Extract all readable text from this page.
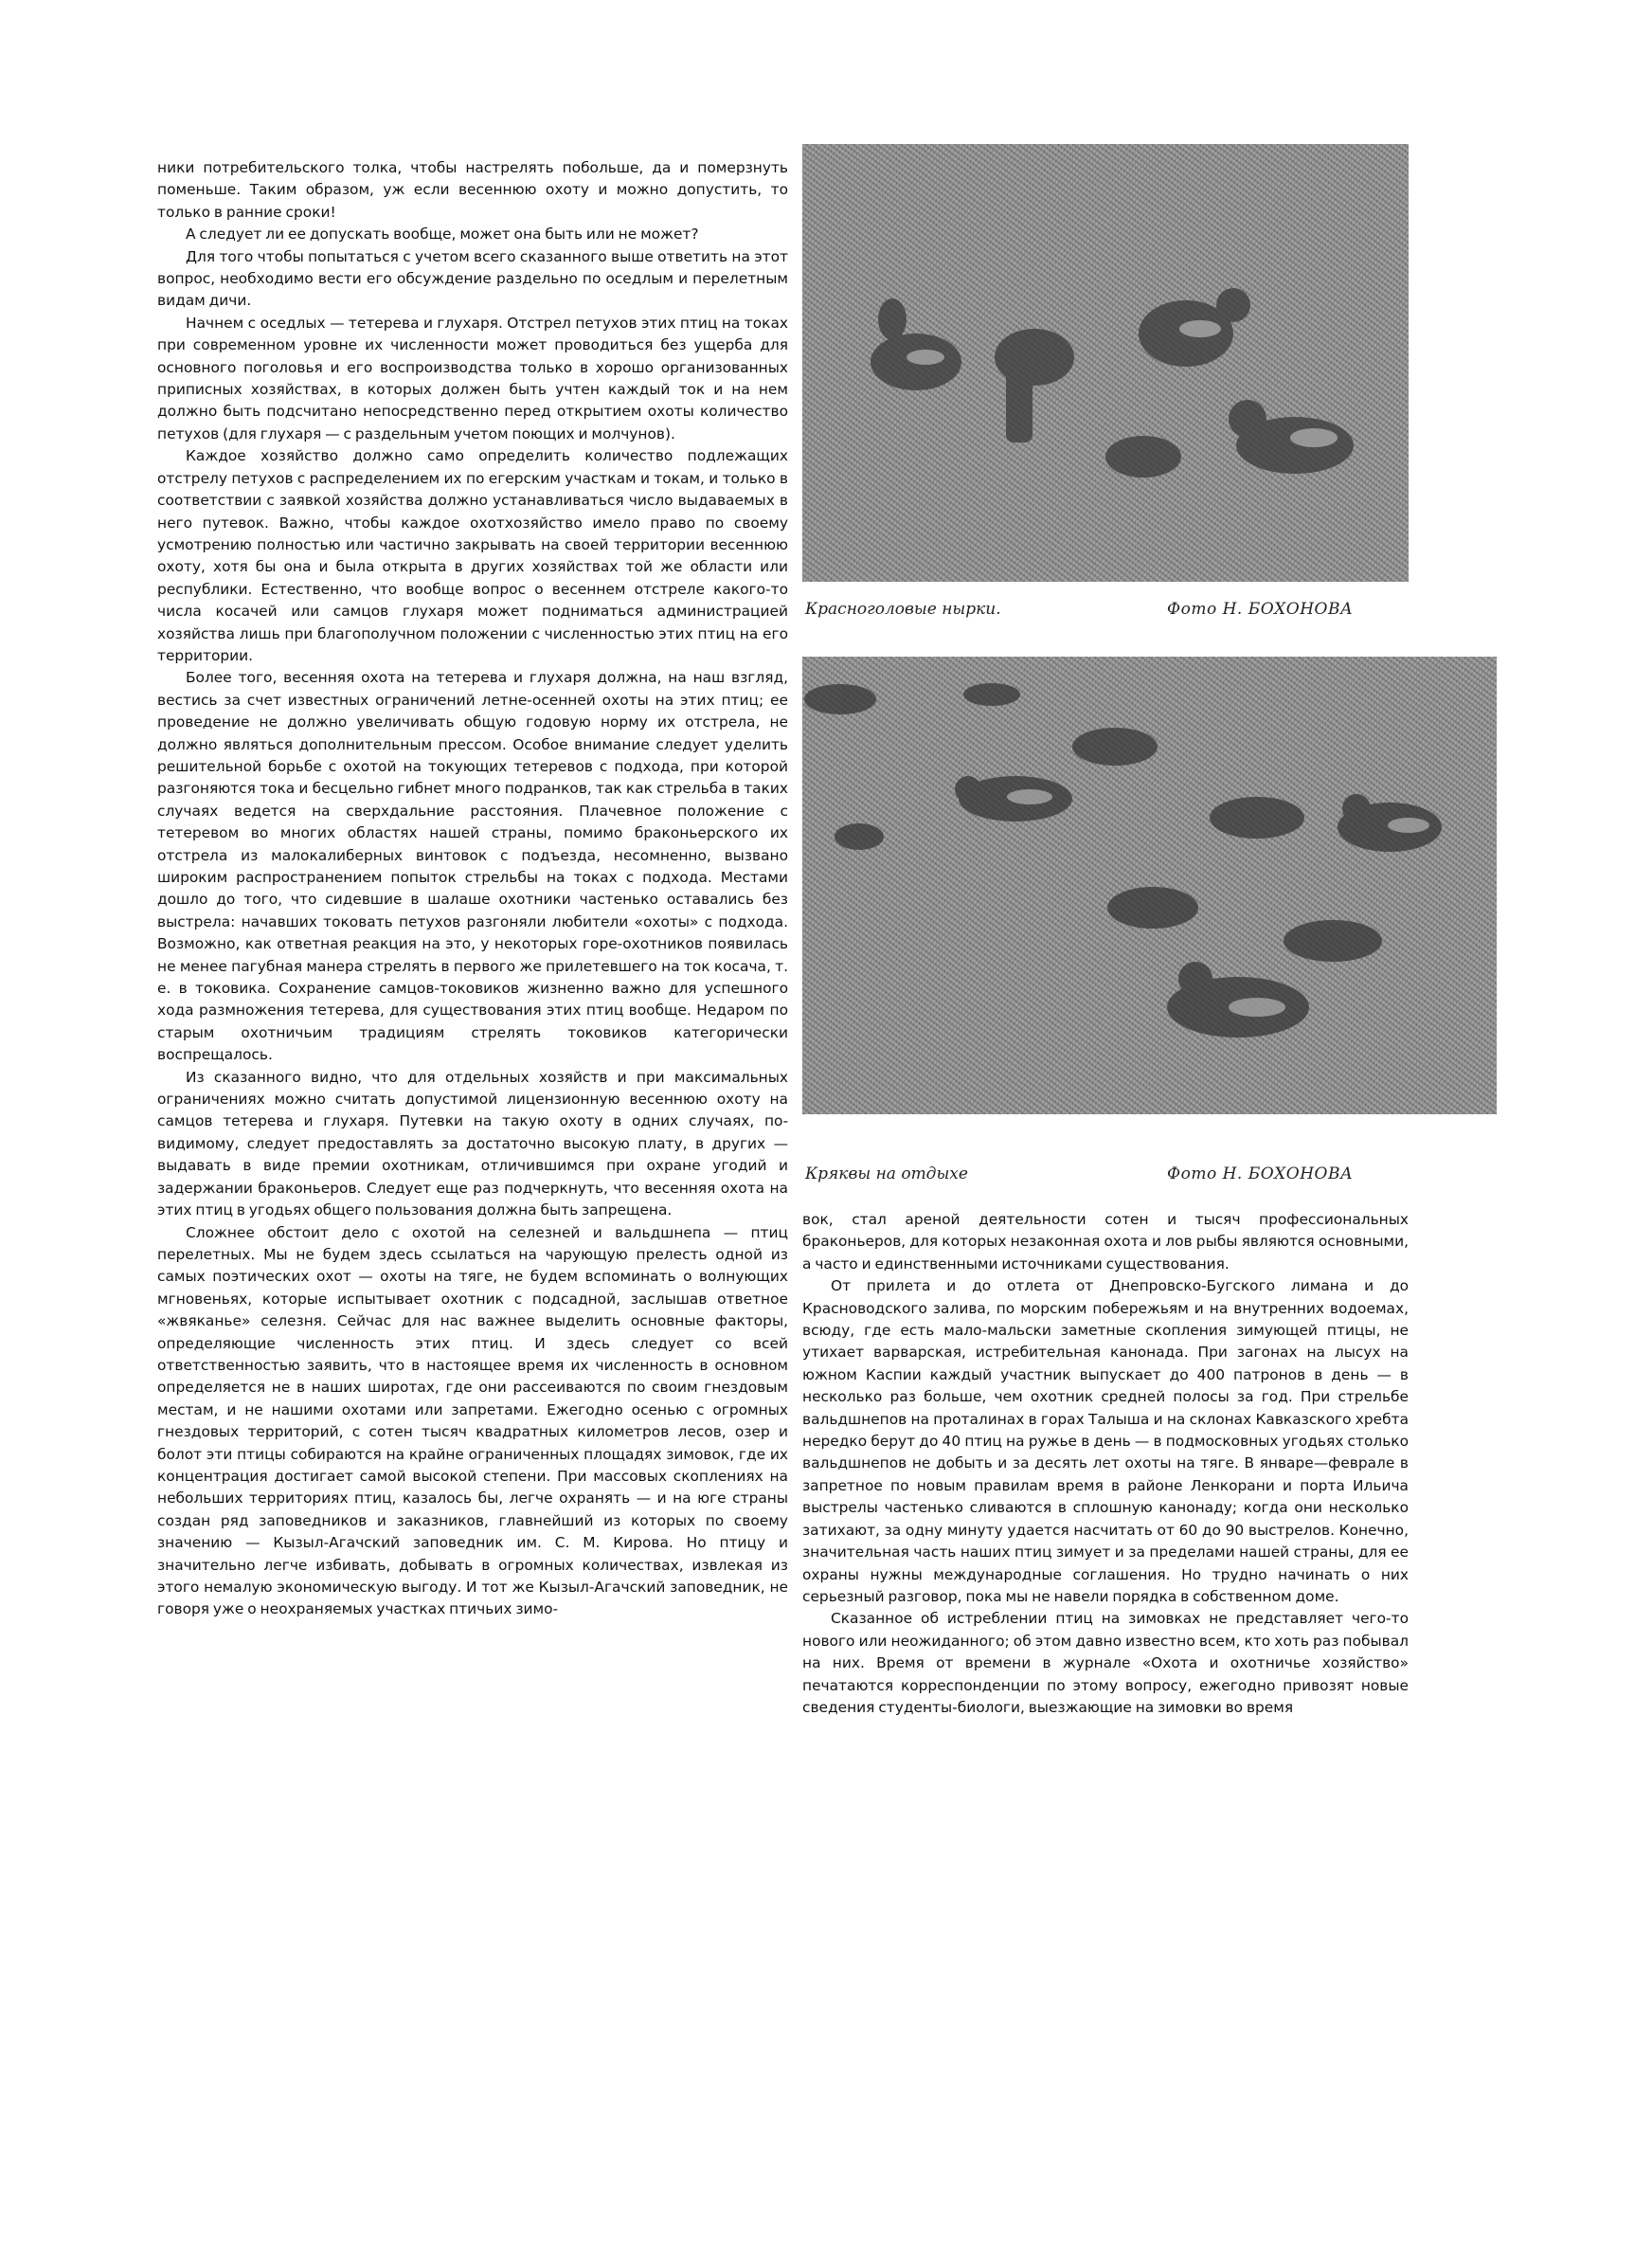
ники потребительского толка, чтобы настрелять побольше, да и померзнуть поменьше. Таким образом, уж если весеннюю охоту и можно допустить, то только в ранние сроки!

А следует ли ее допускать вообще, может она быть или не может?

Для того чтобы попытаться с учетом всего сказанного выше ответить на этот вопрос, необходимо вести его обсуждение раздельно по оседлым и перелетным видам дичи.

Начнем с оседлых — тетерева и глухаря. Отстрел петухов этих птиц на токах при современном уровне их численности может проводиться без ущерба для основного поголовья и его воспроизводства только в хорошо организованных приписных хозяйствах, в которых должен быть учтен каждый ток и на нем должно быть подсчитано непосредственно перед открытием охоты количество петухов (для глухаря — с раздельным учетом поющих и молчунов).

Каждое хозяйство должно само определить количество подлежащих отстрелу петухов с распределением их по егерским участкам и токам, и только в соответствии с заявкой хозяйства должно устанавливаться число выдаваемых в него путевок. Важно, чтобы каждое охотхозяйство имело право по своему усмотрению полностью или частично закрывать на своей территории весеннюю охоту, хотя бы она и была открыта в других хозяйствах той же области или республики. Естественно, что вообще вопрос о весеннем отстреле какого-то числа косачей или самцов глухаря может подниматься администрацией хозяйства лишь при благополучном положении с численностью этих птиц на его территории.

Более того, весенняя охота на тетерева и глухаря должна, на наш взгляд, вестись за счет известных ограничений летне-осенней охоты на этих птиц; ее проведение не должно увеличивать общую годовую норму их отстрела, не должно являться дополнительным прессом. Особое внимание следует уделить решительной борьбе с охотой на токующих тетеревов с подхода, при которой разгоняются тока и бесцельно гибнет много подранков, так как стрельба в таких случаях ведется на сверхдальние расстояния. Плачевное положение с тетеревом во многих областях нашей страны, помимо браконьерского их отстрела из малокалиберных винтовок с подъезда, несомненно, вызвано широким распространением попыток стрельбы на токах с подхода. Местами дошло до того, что сидевшие в шалаше охотники частенько оставались без выстрела: начавших токовать петухов разгоняли любители «охоты» с подхода. Возможно, как ответная реакция на это, у некоторых горе-охотников появилась не менее пагубная манера стрелять в первого же прилетевшего на ток косача, т. е. в токовика. Сохранение самцов-токовиков жизненно важно для успешного хода размножения тетерева, для существования этих птиц вообще. Недаром по старым охотничьим традициям стрелять токовиков категорически воспрещалось.

Из сказанного видно, что для отдельных хозяйств и при максимальных ограничениях можно считать допустимой лицензионную весеннюю охоту на самцов тетерева и глухаря. Путевки на такую охоту в одних случаях, по-видимому, следует предоставлять за достаточно высокую плату, в других — выдавать в виде премии охотникам, отличившимся при охране угодий и задержании браконьеров. Следует еще раз подчеркнуть, что весенняя охота на этих птиц в угодьях общего пользования должна быть запрещена.

Сложнее обстоит дело с охотой на селезней и вальдшнепа — птиц перелетных. Мы не будем здесь ссылаться на чарующую прелесть одной из самых поэтических охот — охоты на тяге, не будем вспоминать о волнующих мгновеньях, которые испытывает охотник с подсадной, заслышав ответное «жвяканье» селезня. Сейчас для нас важнее выделить основные факторы, определяющие численность этих птиц. И здесь следует со всей ответственностью заявить, что в настоящее время их численность в основном определяется не в наших широтах, где они рассеиваются по своим гнездовым местам, и не нашими охотами или запретами. Ежегодно осенью с огромных гнездовых территорий, с сотен тысяч квадратных километров лесов, озер и болот эти птицы собираются на крайне ограниченных площадях зимовок, где их концентрация достигает самой высокой степени. При массовых скоплениях на небольших территориях птиц, казалось бы, легче охранять — и на юге страны создан ряд заповедников и заказников, главнейший из которых по своему значению — Кызыл-Агачский заповедник им. С. М. Кирова. Но птицу и значительно легче избивать, добывать в огромных количествах, извлекая из этого немалую экономическую выгоду. И тот же Кызыл-Агачский заповедник, не говоря уже о неохраняемых участках птичьих зимо-

Красноголовые нырки.	Фото Н. БОХОНОВА
Кряквы на отдыхе	Фото Н. БОХОНОВА

вок, стал ареной деятельности сотен и тысяч профессиональных браконьеров, для которых незаконная охота и лов рыбы являются основными, а часто и единственными источниками существования.

От прилета и до отлета от Днепровско-Бугского лимана и до Красноводского залива, по морским побережьям и на внутренних водоемах, всюду, где есть мало-мальски заметные скопления зимующей птицы, не утихает варварская, истребительная канонада. При загонах на лысух на южном Каспии каждый участник выпускает до 400 патронов в день — в несколько раз больше, чем охотник средней полосы за год. При стрельбе вальдшнепов на проталинах в горах Талыша и на склонах Кавказского хребта нередко берут до 40 птиц на ружье в день — в подмосковных угодьях столько вальдшнепов не добыть и за десять лет охоты на тяге. В январе—феврале в запретное по новым правилам время в районе Ленкорани и порта Ильича выстрелы частенько сливаются в сплошную канонаду; когда они несколько затихают, за одну минуту удается насчитать от 60 до 90 выстрелов. Конечно, значительная часть наших птиц зимует и за пределами нашей страны, для ее охраны нужны международные соглашения. Но трудно начинать о них серьезный разговор, пока мы не навели порядка в собственном доме.

Сказанное об истреблении птиц на зимовках не представляет чего-то нового или неожиданного; об этом давно известно всем, кто хоть раз побывал на них. Время от времени в журнале «Охота и охотничье хозяйство» печатаются корреспонденции по этому вопросу, ежегодно привозят новые сведения студенты-биологи, выезжающие на зимовки во время
